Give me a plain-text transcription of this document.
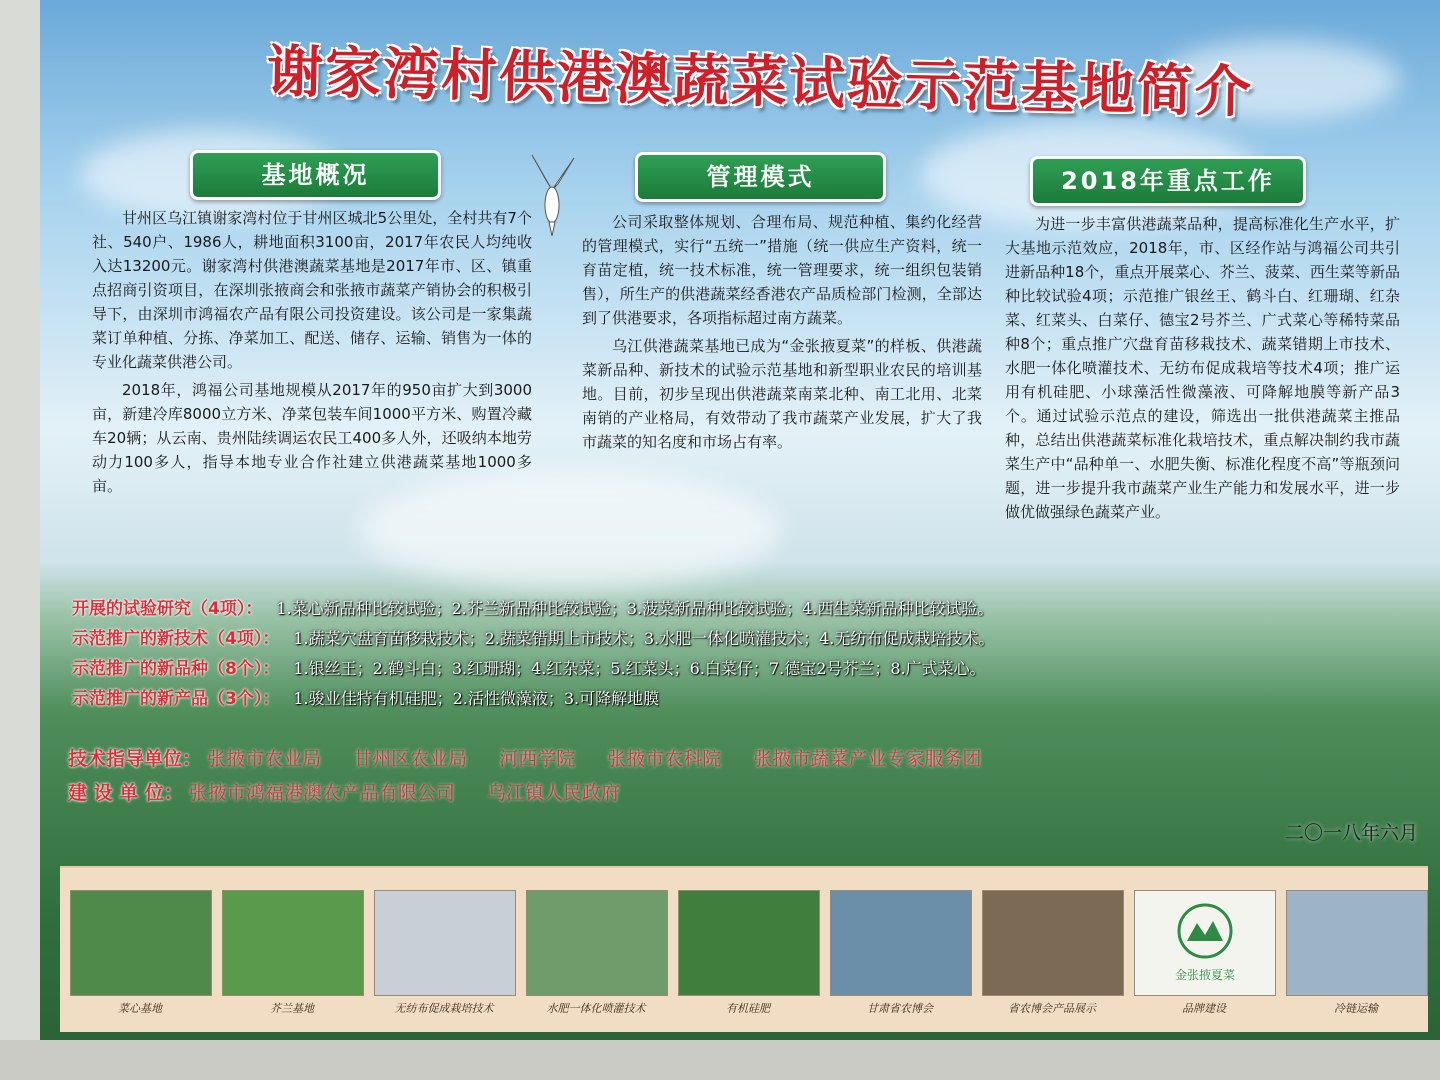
谢家湾村供港澳蔬菜试验示范基地简介
基地概况	管理模式	2018年重点工作

甘州区乌江镇谢家湾村位于甘州区城北5公里处，全村共有7个社、540户、1986人，耕地面积3100亩，2017年农民人均纯收入达13200元。谢家湾村供港澳蔬菜基地是2017年市、区、镇重点招商引资项目，在深圳张掖商会和张掖市蔬菜产销协会的积极引导下，由深圳市鸿福农产品有限公司投资建设。该公司是一家集蔬菜订单种植、分拣、净菜加工、配送、储存、运输、销售为一体的专业化蔬菜供港公司。

2018年，鸿福公司基地规模从2017年的950亩扩大到3000亩，新建冷库8000立方米、净菜包装车间1000平方米、购置冷藏车20辆；从云南、贵州陆续调运农民工400多人外，还吸纳本地劳动力100多人，指导本地专业合作社建立供港蔬菜基地1000多亩。

公司采取整体规划、合理布局、规范种植、集约化经营的管理模式，实行“五统一”措施（统一供应生产资料，统一育苗定植，统一技术标准，统一管理要求，统一组织包装销售），所生产的供港蔬菜经香港农产品质检部门检测，全部达到了供港要求，各项指标超过南方蔬菜。

乌江供港蔬菜基地已成为“金张掖夏菜”的样板、供港蔬菜新品种、新技术的试验示范基地和新型职业农民的培训基地。目前，初步呈现出供港蔬菜南菜北种、南工北用、北菜南销的产业格局，有效带动了我市蔬菜产业发展，扩大了我市蔬菜的知名度和市场占有率。

为进一步丰富供港蔬菜品种，提高标准化生产水平，扩大基地示范效应，2018年，市、区经作站与鸿福公司共引进新品种18个，重点开展菜心、芥兰、菠菜、西生菜等新品种比较试验4项；示范推广银丝王、鹤斗白、红珊瑚、红杂菜、红菜头、白菜仔、德宝2号芥兰、广式菜心等稀特菜品种8个；重点推广穴盘育苗移栽技术、蔬菜错期上市技术、水肥一体化喷灌技术、无纺布促成栽培等技术4项；推广运用有机硅肥、小球藻活性微藻液、可降解地膜等新产品3个。通过试验示范点的建设，筛选出一批供港蔬菜主推品种，总结出供港蔬菜标准化栽培技术，重点解决制约我市蔬菜生产中“品种单一、水肥失衡、标准化程度不高”等瓶颈问题，进一步提升我市蔬菜产业生产能力和发展水平，进一步做优做强绿色蔬菜产业。

开展的试验研究（4项）： 1.菜心新品种比较试验；2.芥兰新品种比较试验；3.菠菜新品种比较试验；4.西生菜新品种比较试验。
示范推广的新技术（4项）： 1.蔬菜穴盘育苗移栽技术；2.蔬菜错期上市技术；3.水肥一体化喷灌技术；4.无纺布促成栽培技术。
示范推广的新品种（8个）： 1.银丝王；2.鹤斗白；3.红珊瑚；4.红杂菜；5.红菜头；6.白菜仔；7.德宝2号芥兰；8.广式菜心。
示范推广的新产品（3个）： 1.骏业佳特有机硅肥；2.活性微藻液；3.可降解地膜
技术指导单位： 张掖市农业局 甘州区农业局 河西学院 张掖市农科院 张掖市蔬菜产业专家服务团
建 设 单 位： 张掖市鸿福港澳农产品有限公司 乌江镇人民政府
二〇一八年六月
菜心基地	芥兰基地	无纺布促成栽培技术	水肥一体化喷灌技术	有机硅肥	甘肃省农博会	省农博会产品展示
金张掖夏菜
品牌建设	冷链运输
